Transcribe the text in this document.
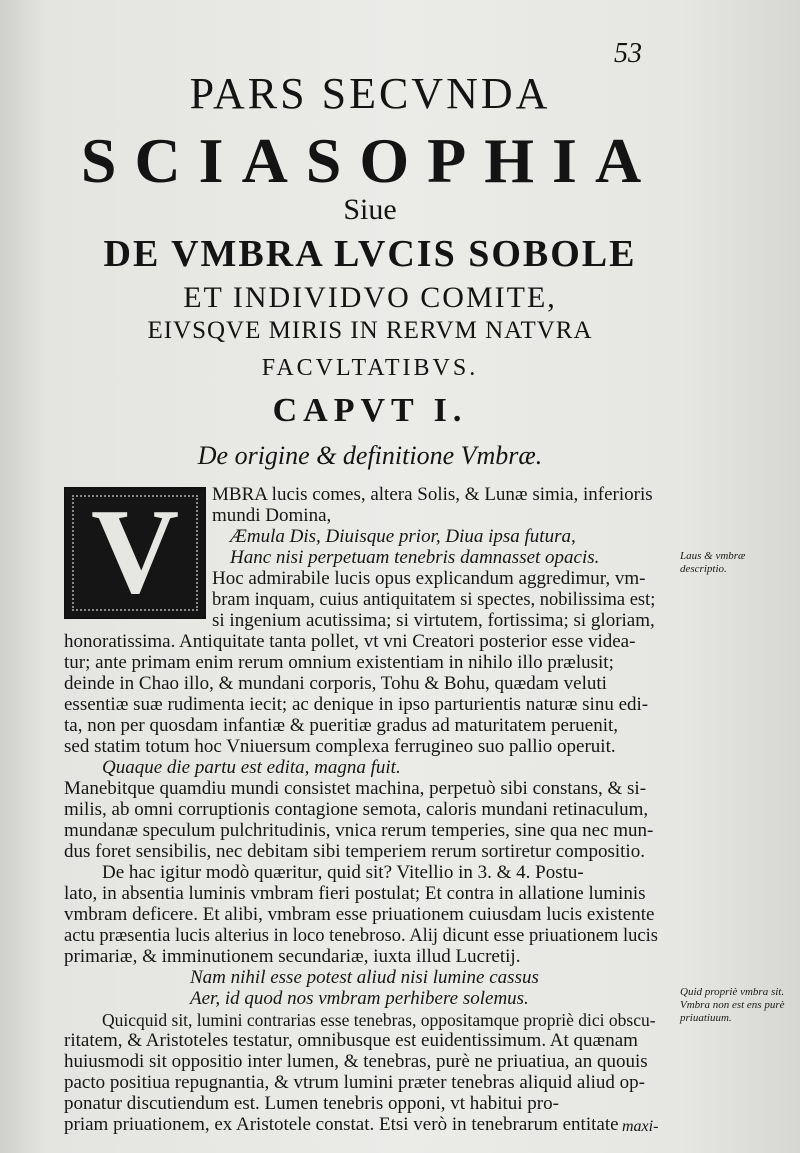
53
PARS SECVNDA
SCIASOPHIA
Siue
DE VMBRA LVCIS SOBOLE
ET INDIVIDVO COMITE,
EIVSQVE MIRIS IN RERVM NATVRA
FACVLTATIBVS.
CAPVT I.
De origine & definitione Vmbræ.
V	MBRA lucis comes, altera Solis, & Lunæ simia, inferioris
mundi Domina,
Æmula Dis, Diuisque prior, Diua ipsa futura,
Hanc nisi perpetuam tenebris damnasset opacis.
Hoc admirabile lucis opus explicandum aggredimur, vm-
bram inquam, cuius antiquitatem si spectes, nobilissima est;
si ingenium acutissima; si virtutem, fortissima; si gloriam,
honoratissima. Antiquitate tanta pollet, vt vni Creatori posterior esse videa-
tur; ante primam enim rerum omnium existentiam in nihilo illo prælusit;
deinde in Chao illo, & mundani corporis, Tohu & Bohu, quædam veluti
essentiæ suæ rudimenta iecit; ac denique in ipso parturientis naturæ sinu edi-
ta, non per quosdam infantiæ & pueritiæ gradus ad maturitatem peruenit,
sed statim totum hoc Vniuersum complexa ferrugineo suo pallio operuit.
Quaque die partu est edita, magna fuit.
Manebitque quamdiu mundi consistet machina, perpetuò sibi constans, & si-
milis, ab omni corruptionis contagione semota, caloris mundani retinaculum,
mundanæ speculum pulchritudinis, vnica rerum temperies, sine qua nec mun-
dus foret sensibilis, nec debitam sibi temperiem rerum sortiretur compositio.
De hac igitur modò quæritur, quid sit? Vitellio in 3. & 4. Postu-
lato, in absentia luminis vmbram fieri postulat; Et contra in allatione luminis
vmbram deficere. Et alibi, vmbram esse priuationem cuiusdam lucis existente
actu præsentia lucis alterius in loco tenebroso. Alij dicunt esse priuationem lucis
primariæ, & imminutionem secundariæ, iuxta illud Lucretij.
Nam nihil esse potest aliud nisi lumine cassus
Aer, id quod nos vmbram perhibere solemus.
Quicquid sit, lumini contrarias esse tenebras, oppositamque propriè dici obscu-
ritatem, & Aristoteles testatur, omnibusque est euidentissimum. At quænam
huiusmodi sit oppositio inter lumen, & tenebras, purè ne priuatiua, an quouis
pacto positiua repugnantia, & vtrum lumini præter tenebras aliquid aliud op-
ponatur discutiendum est. Lumen tenebris opponi, vt habitui pro-
priam priuationem, ex Aristotele constat. Etsi verò in tenebrarum entitate
Laus & vmbræ descriptio.
Quid propriè vmbra sit. Vmbra non est ens purè priuatiuum.
maxi-
